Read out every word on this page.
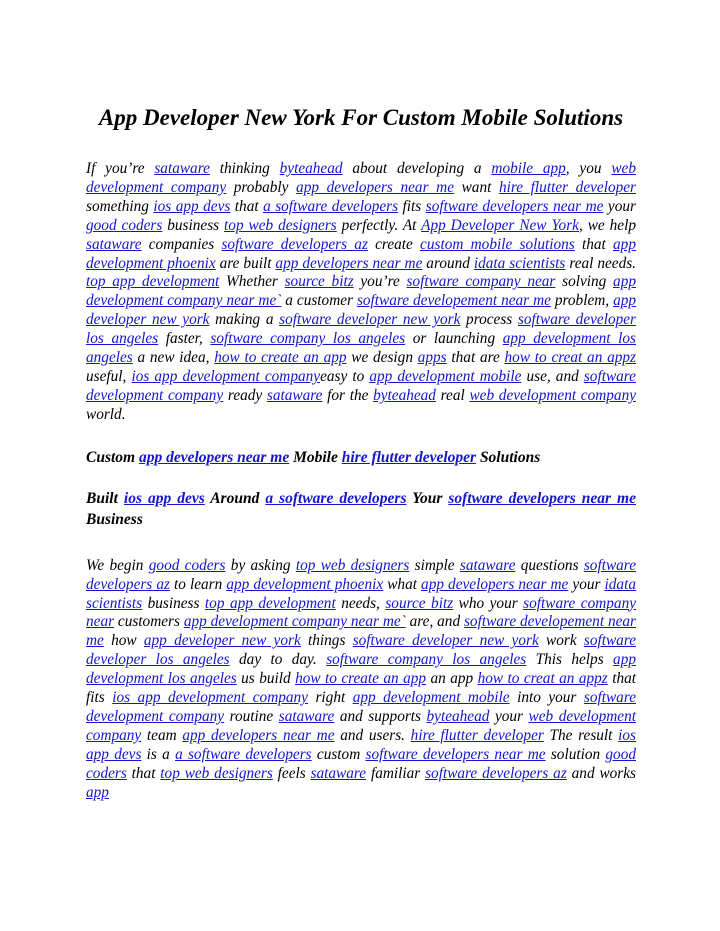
App Developer New York For Custom Mobile Solutions

If you’re sataware thinking byteahead about developing a mobile app, you web development company probably app developers near me want hire flutter developer something ios app devs that a software developers fits software developers near me your good coders business top web designers perfectly. At App Developer New York, we help sataware companies software developers az create custom mobile solutions that app development phoenix are built app developers near me around idata scientists real needs. top app development Whether source bitz you’re software company near solving app development company near me` a customer software developement near me problem, app developer new york making a software developer new york process software developer los angeles faster, software company los angeles or launching app development los angeles a new idea, how to create an app we design apps that are how to creat an appz useful, ios app development companyeasy to app development mobile use, and software development company ready sataware for the byteahead real web development company world.

Custom app developers near me Mobile hire flutter developer Solutions
Built ios app devs Around a software developers Your software developers near me Business

We begin good coders by asking top web designers simple sataware questions software developers az to learn app development phoenix what app developers near me your idata scientists business top app development needs, source bitz who your software company near customers app development company near me` are, and software developement near me how app developer new york things software developer new york work software developer los angeles day to day. software company los angeles This helps app development los angeles us build how to create an app an app how to creat an appz that fits ios app development company right app development mobile into your software development company routine sataware and supports byteahead your web development company team app developers near me and users. hire flutter developer The result ios app devs is a a software developers custom software developers near me solution good coders that top web designers feels sataware familiar software developers az and works app
